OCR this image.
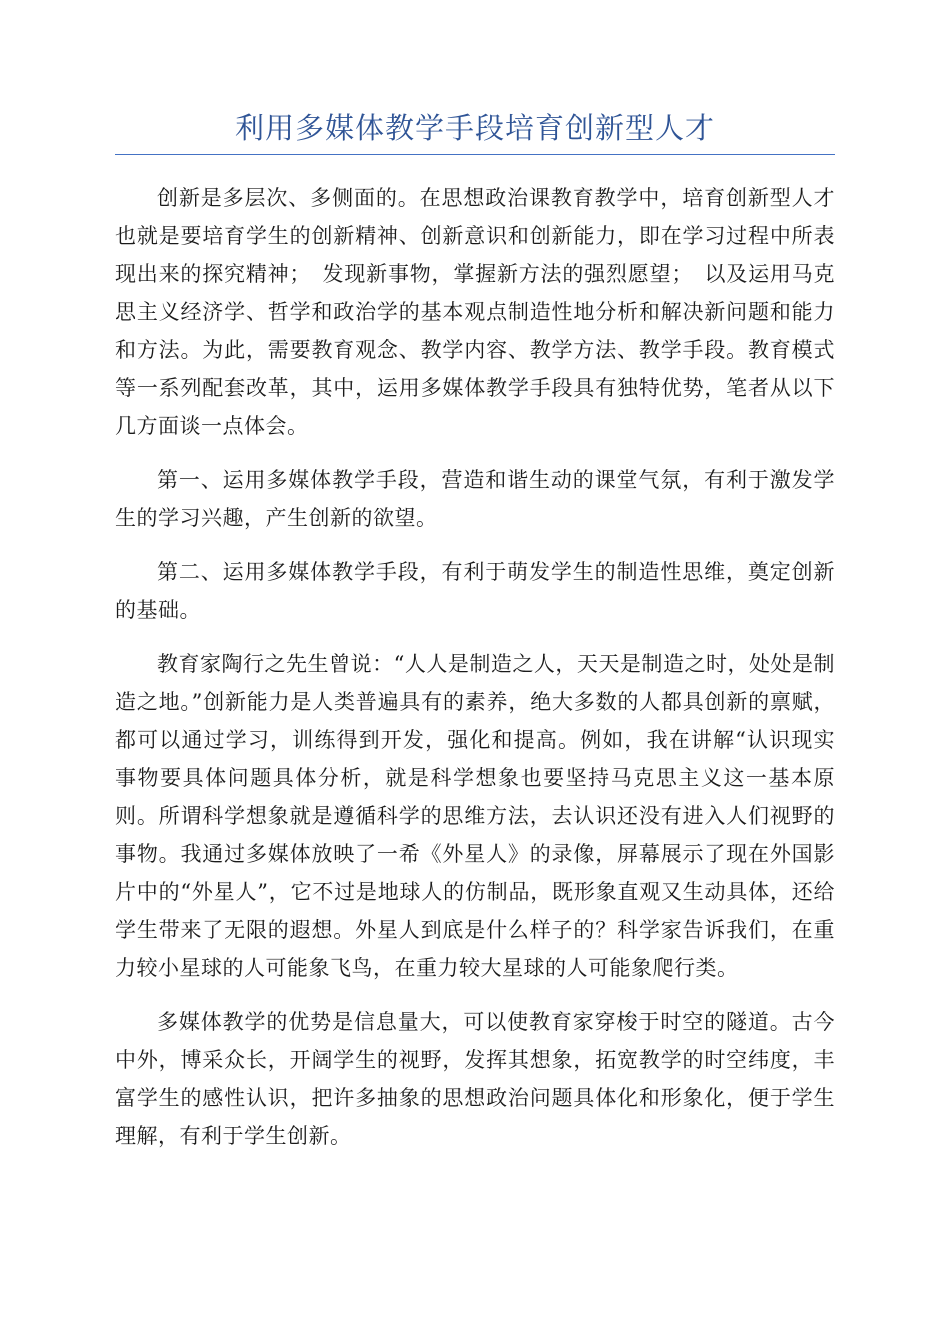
利用多媒体教学手段培育创新型人才

创新是多层次、多侧面的。在思想政治课教育教学中，培育创新型人才也就是要培育学生的创新精神、创新意识和创新能力，即在学习过程中所表现出来的探究精神；　发现新事物，掌握新方法的强烈愿望；　以及运用马克思主义经济学、哲学和政治学的基本观点制造性地分析和解决新问题和能力和方法。为此，需要教育观念、教学内容、教学方法、教学手段。教育模式等一系列配套改革，其中，运用多媒体教学手段具有独特优势，笔者从以下几方面谈一点体会。

第一、运用多媒体教学手段，营造和谐生动的课堂气氛，有利于激发学生的学习兴趣，产生创新的欲望。

第二、运用多媒体教学手段，有利于萌发学生的制造性思维，奠定创新的基础。

教育家陶行之先生曾说：“人人是制造之人，天天是制造之时，处处是制造之地。”创新能力是人类普遍具有的素养，绝大多数的人都具创新的禀赋，都可以通过学习，训练得到开发，强化和提高。例如，我在讲解“认识现实事物要具体问题具体分析，就是科学想象也要坚持马克思主义这一基本原则。所谓科学想象就是遵循科学的思维方法，去认识还没有进入人们视野的事物。我通过多媒体放映了一希《外星人》的录像，屏幕展示了现在外国影片中的“外星人”，它不过是地球人的仿制品，既形象直观又生动具体，还给学生带来了无限的遐想。外星人到底是什么样子的？科学家告诉我们，在重力较小星球的人可能象飞鸟，在重力较大星球的人可能象爬行类。

多媒体教学的优势是信息量大，可以使教育家穿梭于时空的隧道。古今中外，博采众长，开阔学生的视野，发挥其想象，拓宽教学的时空纬度，丰富学生的感性认识，把许多抽象的思想政治问题具体化和形象化，便于学生理解，有利于学生创新。
